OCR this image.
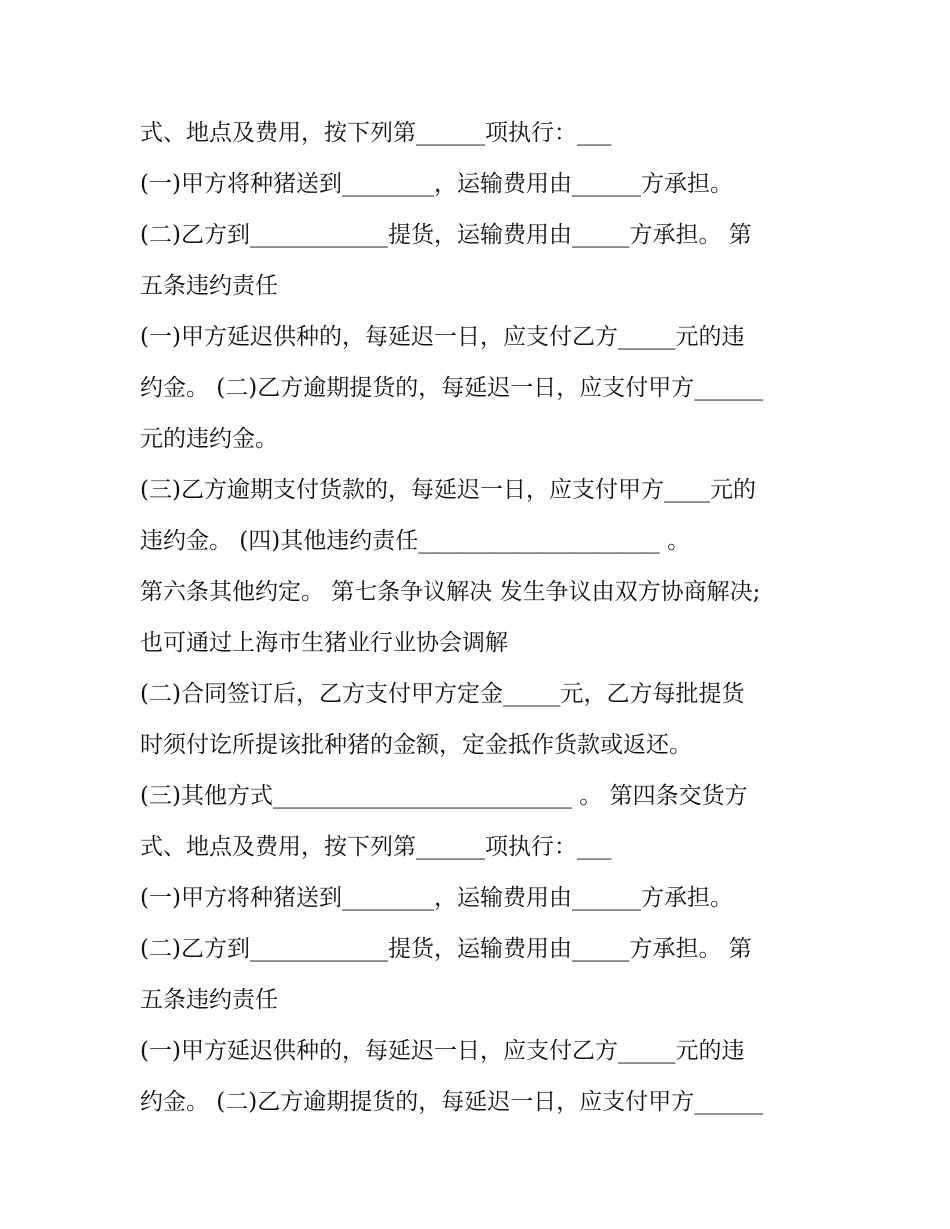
式、地点及费用，按下列第______项执行：___
(一)甲方将种猪送到________，运输费用由______方承担。
(二)乙方到____________提货，运输费用由_____方承担。 第
五条违约责任
(一)甲方延迟供种的，每延迟一日，应支付乙方_____元的违
约金。 (二)乙方逾期提货的，每延迟一日，应支付甲方______
元的违约金。
(三)乙方逾期支付货款的，每延迟一日，应支付甲方____元的
违约金。 (四)其他违约责任_____________________ 。
第六条其他约定。 第七条争议解决 发生争议由双方协商解决;
也可通过上海市生猪业行业协会调解
(二)合同签订后，乙方支付甲方定金_____元，乙方每批提货
时须付讫所提该批种猪的金额，定金抵作货款或返还。
(三)其他方式__________________________ 。 第四条交货方
式、地点及费用，按下列第______项执行：___
(一)甲方将种猪送到________，运输费用由______方承担。
(二)乙方到____________提货，运输费用由_____方承担。 第
五条违约责任
(一)甲方延迟供种的，每延迟一日，应支付乙方_____元的违
约金。 (二)乙方逾期提货的，每延迟一日，应支付甲方______
